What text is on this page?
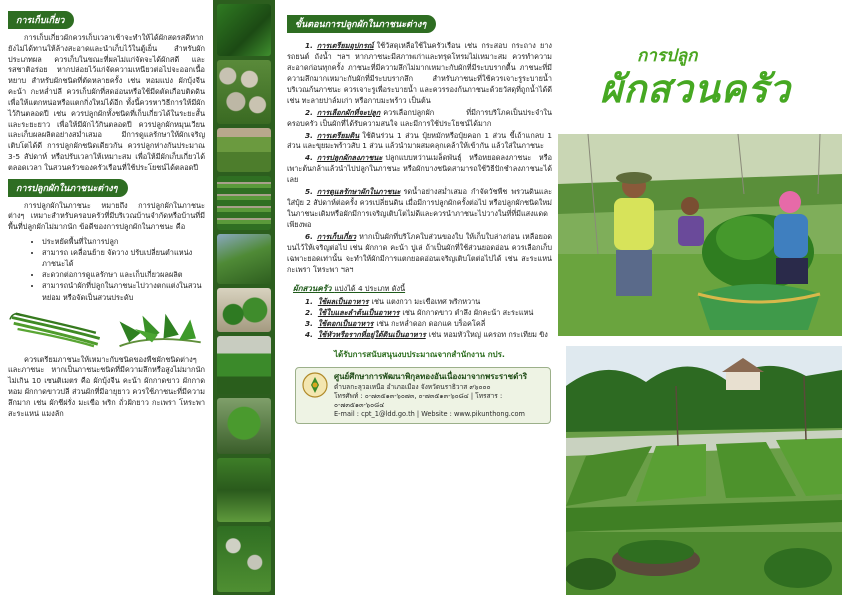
การเก็บเกี่ยว

การเก็บเกี่ยวผักควรเก็บเวลาเช้าจะทำให้ได้ผักสดรสดีหากยังไม่ได้ทานให้ล้างสะอาดและนำเก็บไว้ในตู้เย็น สำหรับผักประเภทผล ควรเก็บในขณะที่ผลไม่แก่จัดจะได้ผักสดี และรสชาติอร่อย หากปล่อยไว้แก่จัดความเหนียวต่อไปจะออกเนื้อหยาบ สำหรับผักชนิดที่ตัดหลายครั้ง เช่น หอมแบ่ง ผักบุ้งจีน คะน้า กะหล่ำปลี ควรเก็บผักที่สดอ่อนหรือใช้มีดตัดเกือบติดดิน เพื่อให้แตกหน่อหรือแตกกิ่งใหม่ได้อีก ทั้งนี้ควรหาวิธีการให้มีผักไว้กินตลอดปี เช่น ควรปลูกผักทั้งชนิดที่เก็บเกี่ยวได้ในระยะสั้นและระยะยาว เพื่อให้มีผักไว้กินตลอดปี ควรปลูกผักหมุนเวียนและเก็บผลผลิตอย่างสม่ำเสมอ มีการดูแลรักษาให้ผักเจริญเติบโตได้ดี การปลูกผักชนิดเดียวกัน ควรปลูกห่างกันประมาณ 3-5 สัปดาห์ หรือปรับเวลาให้เหมาะสม เพื่อให้มีผักเก็บเกี่ยวได้ตลอดเวลา ในสวนครัวของครัวเรือนที่ใช้ประโยชน์ได้ตลอดปี

การปลูกผักในภาชนะต่างๆ

การปลูกผักในภาชนะ หมายถึง การปลูกผักในภาชนะต่างๆ เหมาะสำหรับครอบครัวที่มีบริเวณบ้านจำกัดหรือบ้านที่มีพื้นที่ปลูกผักไม่มากนัก ข้อดีของการปลูกผักในภาชนะ คือ

• ประหยัดพื้นที่ในการปลูก
• สามารถ เคลื่อนย้าย จัดวาง ปรับเปลี่ยนตำแหน่งภาชนะได้
• สะดวกต่อการดูแลรักษา และเก็บเกี่ยวผลผลิต
• สามารถนำผักที่ปลูกในภาชนะไปวางตกแต่งในสวนหย่อม หรือจัดเป็นสวนประดับ

ควรเตรียมภาชนะให้เหมาะกับชนิดของพืชผักชนิดต่างๆ และภาชนะ หากเป็นภาชนะชนิดที่มีความลึกหรือสูงไม่มากนักไม่เกิน 10 เซนติเมตร คือ ผักบุ้งจีน คะน้า ผักกาดขาว ผักกาดหอม ผักกาดขาวปลี ส่วนผักที่มีอายุยาว ควรใช้ภาชนะที่มีความลึกมาก เช่น ผักชีฝรั่ง มะเขือ พริก ถั่วฝักยาว กะเพรา โหระพา สะระแหน่ แมงลัก

ขั้นตอนการปลูกผักในภาชนะต่างๆ
1. การเตรียมอุปกรณ์ ใช้วัสดุเหลือใช้ในครัวเรือน เช่น กระสอบ กระถาง ยางรถยนต์ ถังน้ำ ฯลฯ หากภาชนะมีสภาพเก่าและทรุดโทรมไม่เหมาะสม ควรทำความสะอาดก่อนทุกครั้ง ภาชนะที่มีความลึกไม่มากเหมาะกับผักที่มีระบบรากตื้น ภาชนะที่มีความลึกมากเหมาะกับผักที่มีระบบรากลึก สำหรับภาชนะที่ใช้ควรเจาะรูระบายน้ำบริเวณก้นภาชนะ ควรเจาะรูเพื่อระบายน้ำ และควรรองก้นภาชนะด้วยวัสดุที่ถูกน้ำได้ดี เช่น ทะลายปาล์มเก่า หรือกาบมะพร้าว เป็นต้น
2. การเลือกผักที่จะปลูก ควรเลือกปลูกผัก ที่มีการบริโภคเป็นประจำในครอบครัว เป็นผักที่ได้รับความสนใจ และมีการใช้ประโยชน์ได้มาก
3. การเตรียมดิน ใช้ดินร่วน 1 ส่วน ปุ๋ยหมักหรือปุ๋ยคอก 1 ส่วน ขี้เถ้าแกลบ 1 ส่วน และขุยมะพร้าวสับ 1 ส่วน แล้วนำมาผสมคลุกเคล้าให้เข้ากัน แล้วใส่ในภาชนะ
4. การปลูกผักลงภาชนะ ปลูกแบบหว่านเมล็ดพันธุ์ หรือหยอดลงภาชนะ หรือ เพาะต้นกล้าแล้วนำไปปลูกในภาชนะ หรือผักบางชนิดสามารถใช้วิธีปักชำลงภาชนะได้เลย
5. การดูแลรักษาผักในภาชนะ รดน้ำอย่างสม่ำเสมอ กำจัดวัชพืช พรวนดินและใส่ปุ๋ย 2 สัปดาห์ต่อครั้ง ควรเปลี่ยนดิน เมื่อมีการปลูกผักครั้งต่อไป หรือปลูกผักชนิดใหม่ในภาชนะเดิมหรือผักมีการเจริญเติบโตไม่ดีและควรนำภาชนะไปวางในที่ที่มีแสงแดดเพียงพอ
6. การเก็บเกี่ยว หากเป็นผักที่บริโภคใบส่วนของใบ ให้เก็บใบล่างก่อน เหลือยอดบนไว้ให้เจริญต่อไป เช่น ผักกาด คะน้า ปูเล่ ถ้าเป็นผักที่ใช้ส่วนยอดอ่อน ควรเลือกเก็บเฉพาะยอดเท่านั้น จะทำให้ผักมีการแตกยอดอ่อนเจริญเติบโตต่อไปได้ เช่น สะระแหน่ กะเพรา โหระพา ฯลฯ
ผักสวนครัว แบ่งได้ 4 ประเภท ดังนี้
1. ใช้ผลเป็นอาหาร เช่น แตงกวา มะเขือเทศ พริกหวาน
2. ใช้ใบและลำต้นเป็นอาหาร เช่น ผักกาดขาว ตำลึง ผักคะน้า สะระแหน่
3. ใช้ดอกเป็นอาหาร เช่น กะหล่ำดอก ดอกแค บร็อคโคลี่
4. ใช้หัวหรือรากที่อยู่ใต้ดินเป็นอาหาร เช่น หอมหัวใหญ่ แครอท กระเทียม ขิง
ได้รับการสนับสนุนงบประมาณจากสำนักงาน กปร.
ศูนย์ศึกษาการพัฒนาพิกุลทองอันเนื่องมาจากพระราชดำริ
ตำบลกะลุวอเหนือ อำเภอเมือง จังหวัดนราธิวาส ๙๖๐๐๐
โทรศัพท์ : ๐-๗๓๕๑๓-๖๐๗๓, ๐-๗๓๕๑๓-๖๐๘๔ | โทรสาร : ๐-๗๓๕๑๓-๖๐๘๔
E-mail : cpt_1@ldd.go.th | Website : www.pikunthong.com
การปลูก
ผักสวนครัว
